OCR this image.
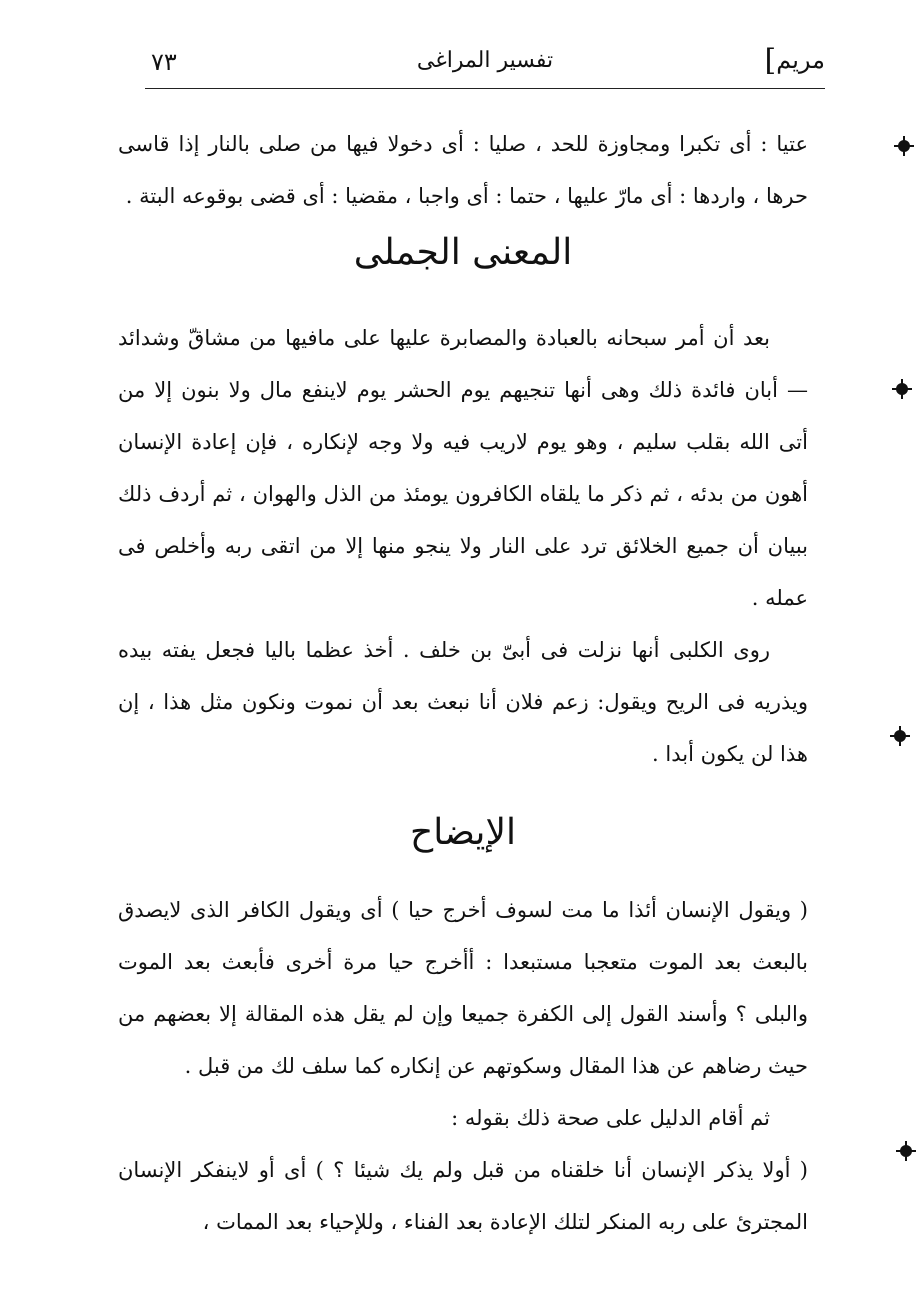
٧٣	تفسير المراغى	مريم]

عتيا : أى تكبرا ومجاوزة للحد ، صليا : أى دخولا فيها من صلى بالنار إذا قاسى حرها ، واردها : أى مارّ عليها ، حتما : أى واجبا ، مقضيا : أى قضى بوقوعه البتة .

المعنى الجملى

بعد أن أمر سبحانه بالعبادة والمصابرة عليها على مافيها من مشاقّ وشدائد — أبان فائدة ذلك وهى أنها تنجيهم يوم الحشر يوم لاينفع مال ولا بنون إلا من أتى الله بقلب سليم ، وهو يوم لاريب فيه ولا وجه لإنكاره ، فإن إعادة الإنسان أهون من بدئه ، ثم ذكر ما يلقاه الكافرون يومئذ من الذل والهوان ، ثم أردف ذلك ببيان أن جميع الخلائق ترد على النار ولا ينجو منها إلا من اتقى ربه وأخلص فى عمله .

روى الكلبى أنها نزلت فى أبىّ بن خلف . أخذ عظما باليا فجعل يفته بيده ويذريه فى الريح ويقول: زعم فلان أنا نبعث بعد أن نموت ونكون مثل هذا ، إن هذا لن يكون أبدا .

الإيضاح

( ويقول الإنسان أئذا ما مت لسوف أخرج حيا ) أى ويقول الكافر الذى لايصدق بالبعث بعد الموت متعجبا مستبعدا : أأخرج حيا مرة أخرى فأبعث بعد الموت والبلى ؟ وأسند القول إلى الكفرة جميعا وإن لم يقل هذه المقالة إلا بعضهم من حيث رضاهم عن هذا المقال وسكوتهم عن إنكاره كما سلف لك من قبل .

ثم أقام الدليل على صحة ذلك بقوله :

( أولا يذكر الإنسان أنا خلقناه من قبل ولم يك شيئا ؟ ) أى أو لاينفكر الإنسان المجترئ على ربه المنكر لتلك الإعادة بعد الفناء ، وللإحياء بعد الممات ،
